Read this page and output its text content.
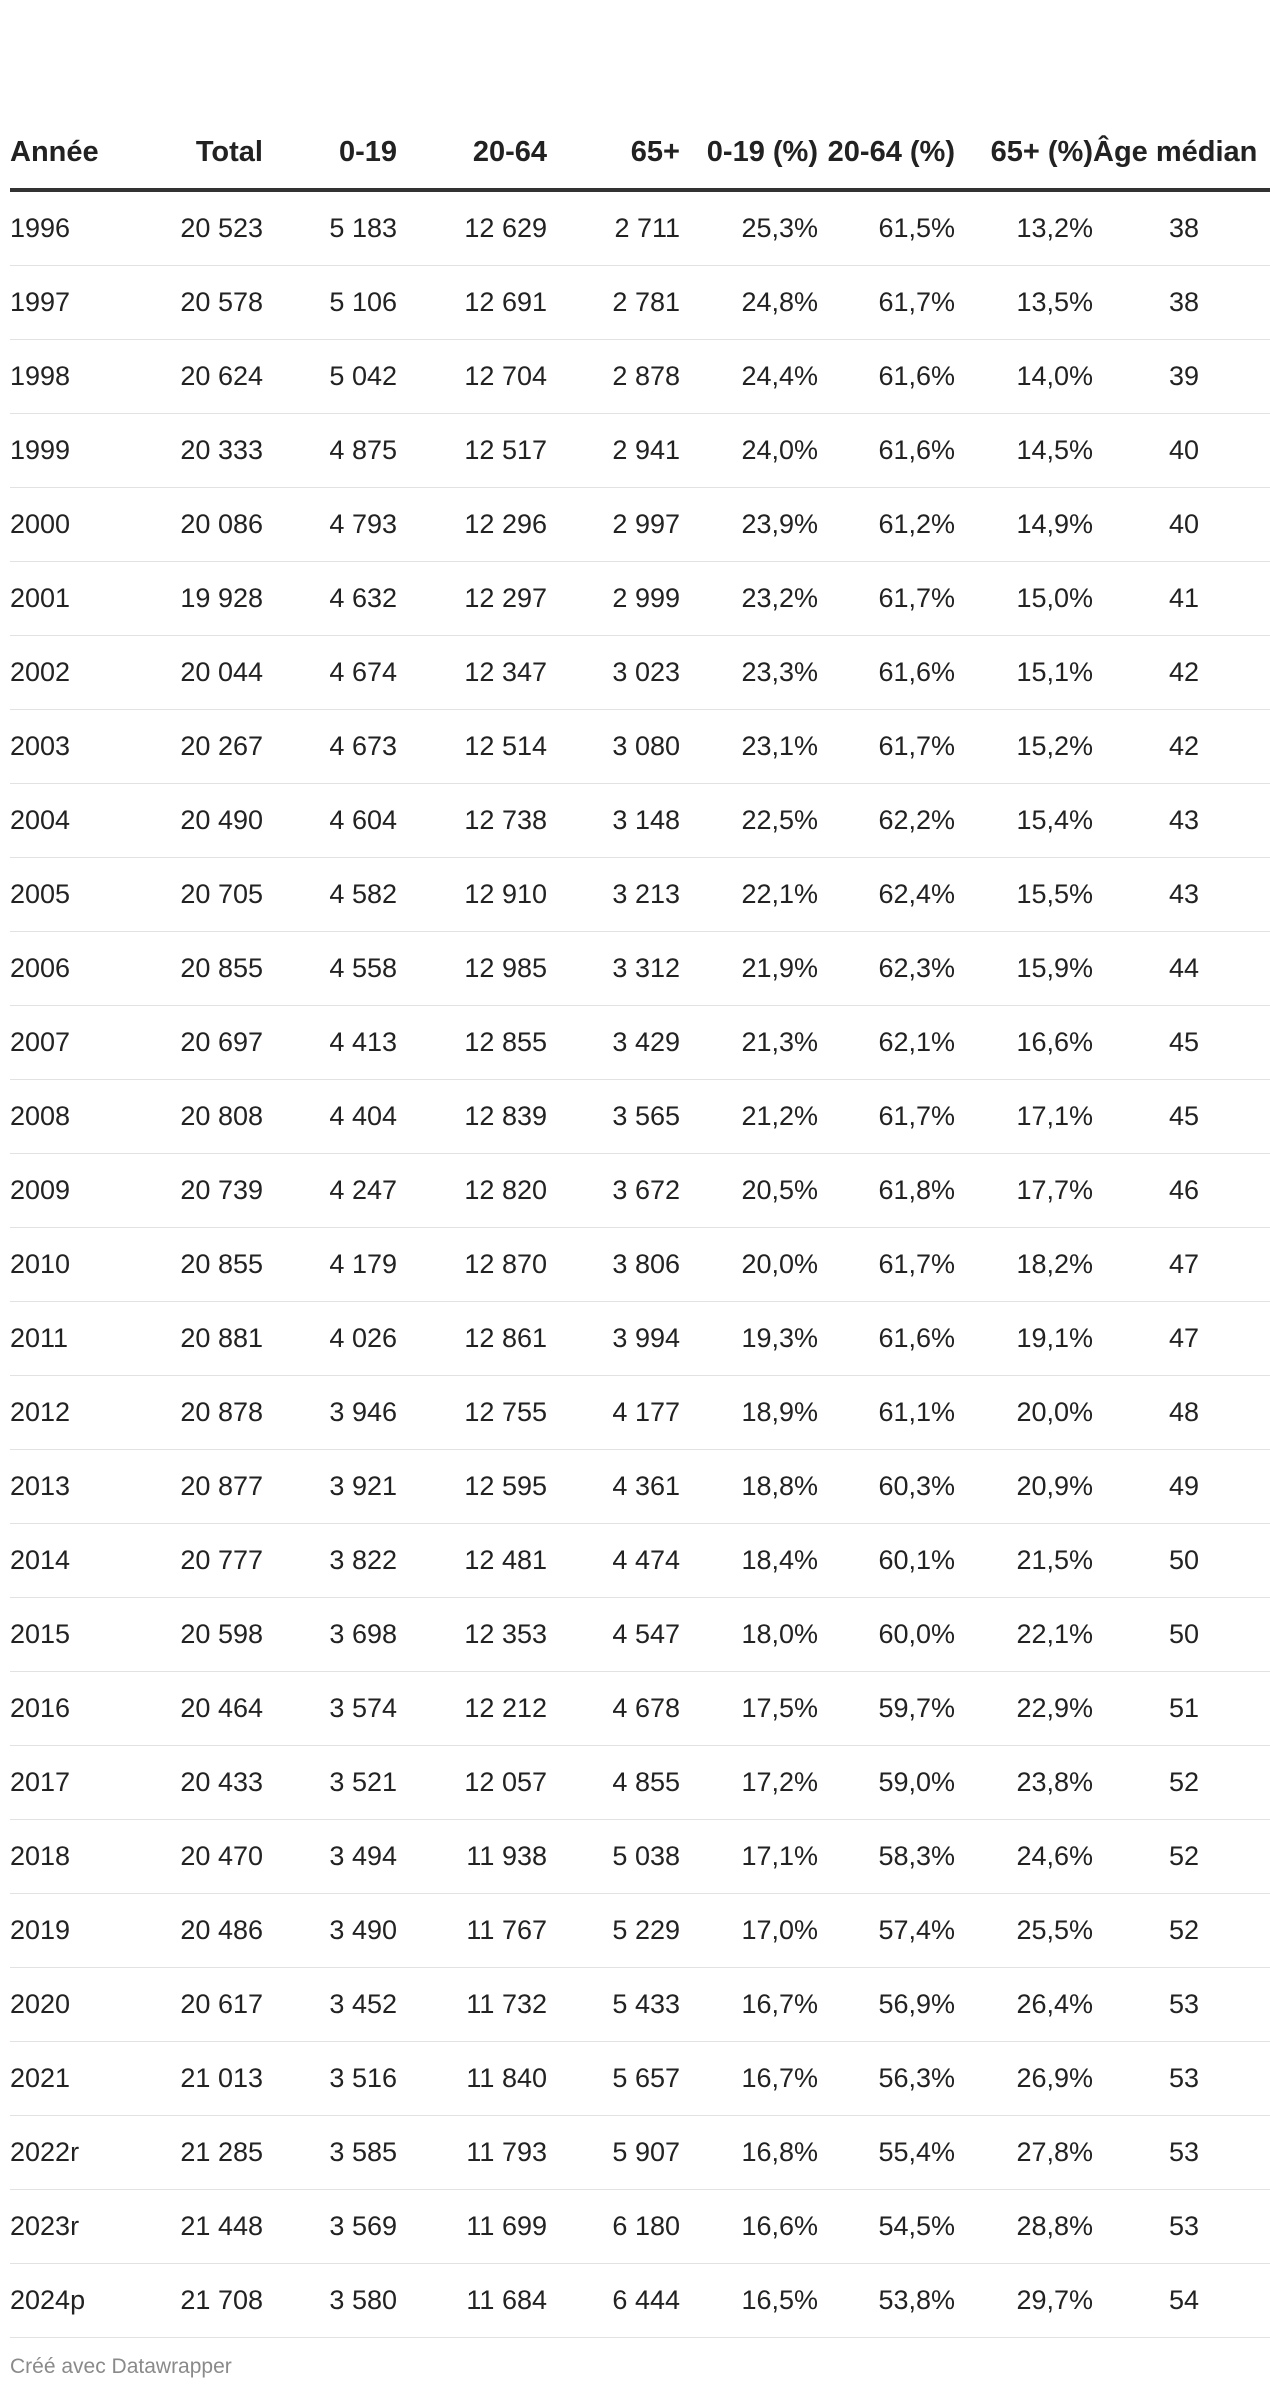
Année	Total	0-19	20-64	65+	0-19 (%)	20-64 (%)	65+ (%)	Âge médian
1996	20 523	5 183	12 629	2 711	25,3%	61,5%	13,2%	38
1997	20 578	5 106	12 691	2 781	24,8%	61,7%	13,5%	38
1998	20 624	5 042	12 704	2 878	24,4%	61,6%	14,0%	39
1999	20 333	4 875	12 517	2 941	24,0%	61,6%	14,5%	40
2000	20 086	4 793	12 296	2 997	23,9%	61,2%	14,9%	40
2001	19 928	4 632	12 297	2 999	23,2%	61,7%	15,0%	41
2002	20 044	4 674	12 347	3 023	23,3%	61,6%	15,1%	42
2003	20 267	4 673	12 514	3 080	23,1%	61,7%	15,2%	42
2004	20 490	4 604	12 738	3 148	22,5%	62,2%	15,4%	43
2005	20 705	4 582	12 910	3 213	22,1%	62,4%	15,5%	43
2006	20 855	4 558	12 985	3 312	21,9%	62,3%	15,9%	44
2007	20 697	4 413	12 855	3 429	21,3%	62,1%	16,6%	45
2008	20 808	4 404	12 839	3 565	21,2%	61,7%	17,1%	45
2009	20 739	4 247	12 820	3 672	20,5%	61,8%	17,7%	46
2010	20 855	4 179	12 870	3 806	20,0%	61,7%	18,2%	47
2011	20 881	4 026	12 861	3 994	19,3%	61,6%	19,1%	47
2012	20 878	3 946	12 755	4 177	18,9%	61,1%	20,0%	48
2013	20 877	3 921	12 595	4 361	18,8%	60,3%	20,9%	49
2014	20 777	3 822	12 481	4 474	18,4%	60,1%	21,5%	50
2015	20 598	3 698	12 353	4 547	18,0%	60,0%	22,1%	50
2016	20 464	3 574	12 212	4 678	17,5%	59,7%	22,9%	51
2017	20 433	3 521	12 057	4 855	17,2%	59,0%	23,8%	52
2018	20 470	3 494	11 938	5 038	17,1%	58,3%	24,6%	52
2019	20 486	3 490	11 767	5 229	17,0%	57,4%	25,5%	52
2020	20 617	3 452	11 732	5 433	16,7%	56,9%	26,4%	53
2021	21 013	3 516	11 840	5 657	16,7%	56,3%	26,9%	53
2022r	21 285	3 585	11 793	5 907	16,8%	55,4%	27,8%	53
2023r	21 448	3 569	11 699	6 180	16,6%	54,5%	28,8%	53
2024p	21 708	3 580	11 684	6 444	16,5%	53,8%	29,7%	54
Créé avec Datawrapper
